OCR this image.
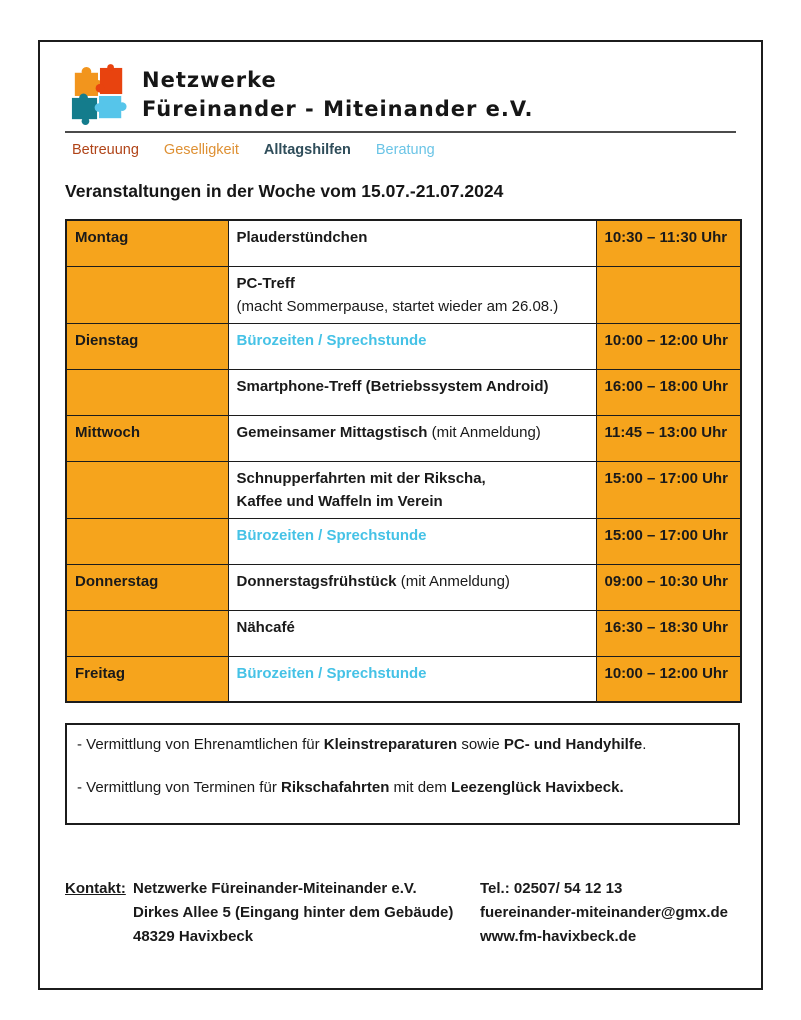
Netzwerke
Füreinander - Miteinander e.V.
Betreuung Geselligkeit Alltagshilfen Beratung
Veranstaltungen in der Woche vom 15.07.-21.07.2024
Montag	Plauderstündchen	10:30 – 11:30 Uhr
	PC-Treff
(macht Sommerpause, startet wieder am 26.08.)	

Dienstag	Bürozeiten / Sprechstunde	10:00 – 12:00 Uhr
	Smartphone-Treff (Betriebssystem Android)	16:00 – 18:00 Uhr
Mittwoch	Gemeinsamer Mittagstisch (mit Anmeldung)	11:45 – 13:00 Uhr
	Schnupperfahrten mit der Rikscha,
Kaffee und Waffeln im Verein	15:00 – 17:00 Uhr
	Bürozeiten / Sprechstunde	15:00 – 17:00 Uhr
Donnerstag	Donnerstagsfrühstück (mit Anmeldung)	09:00 – 10:30 Uhr
	Nähcafé	16:30 – 18:30 Uhr
Freitag	Bürozeiten / Sprechstunde	10:00 – 12:00 Uhr

- Vermittlung von Ehrenamtlichen für Kleinstreparaturen sowie PC- und Handyhilfe.

- Vermittlung von Terminen für Rikschafahrten mit dem Leezenglück Havixbeck.

Kontakt: Netzwerke Füreinander-Miteinander e.V.
Dirkes Allee 5 (Eingang hinter dem Gebäude)
48329 Havixbeck
Tel.: 02507/ 54 12 13
fuereinander-miteinander@gmx.de
www.fm-havixbeck.de
